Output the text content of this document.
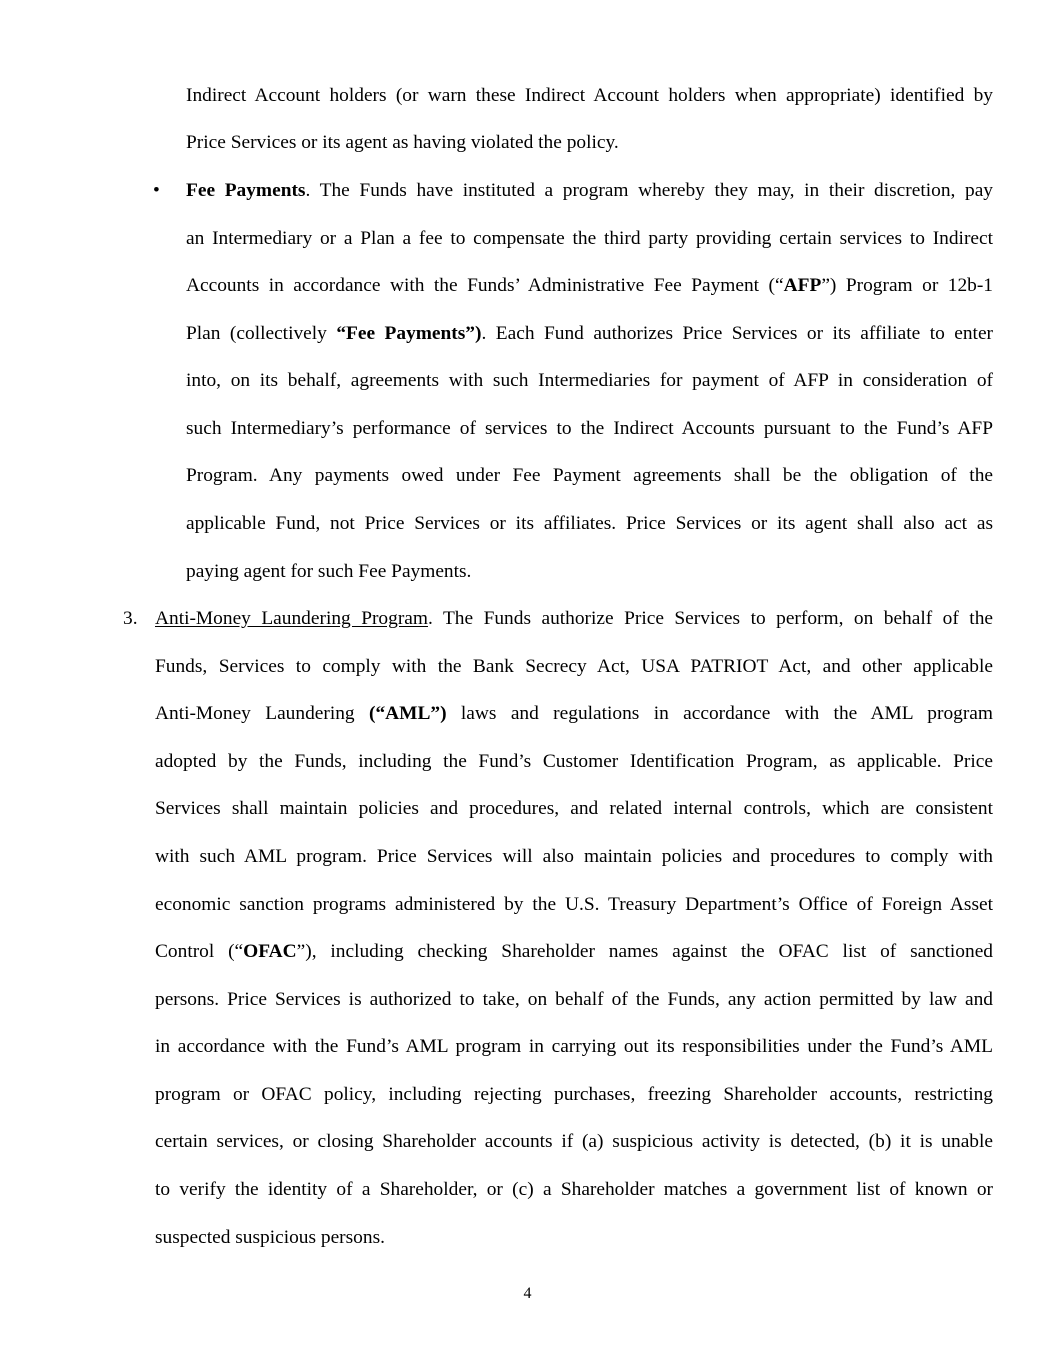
Indirect Account holders (or warn these Indirect Account holders when appropriate) identified by
Price Services or its agent as having violated the policy.
• Fee Payments. The Funds have instituted a program whereby they may, in their discretion, pay
an Intermediary or a Plan a fee to compensate the third party providing certain services to Indirect
Accounts in accordance with the Funds’ Administrative Fee Payment (“AFP”) Program or 12b-1
Plan (collectively “Fee Payments”). Each Fund authorizes Price Services or its affiliate to enter
into, on its behalf, agreements with such Intermediaries for payment of AFP in consideration of
such Intermediary’s performance of services to the Indirect Accounts pursuant to the Fund’s AFP
Program. Any payments owed under Fee Payment agreements shall be the obligation of the
applicable Fund, not Price Services or its affiliates. Price Services or its agent shall also act as
paying agent for such Fee Payments.
3. Anti-Money Laundering Program. The Funds authorize Price Services to perform, on behalf of the
Funds, Services to comply with the Bank Secrecy Act, USA PATRIOT Act, and other applicable
Anti-Money Laundering (“AML”) laws and regulations in accordance with the AML program
adopted by the Funds, including the Fund’s Customer Identification Program, as applicable. Price
Services shall maintain policies and procedures, and related internal controls, which are consistent
with such AML program. Price Services will also maintain policies and procedures to comply with
economic sanction programs administered by the U.S. Treasury Department’s Office of Foreign Asset
Control (“OFAC”), including checking Shareholder names against the OFAC list of sanctioned
persons. Price Services is authorized to take, on behalf of the Funds, any action permitted by law and
in accordance with the Fund’s AML program in carrying out its responsibilities under the Fund’s AML
program or OFAC policy, including rejecting purchases, freezing Shareholder accounts, restricting
certain services, or closing Shareholder accounts if (a) suspicious activity is detected, (b) it is unable
to verify the identity of a Shareholder, or (c) a Shareholder matches a government list of known or
suspected suspicious persons.
4
